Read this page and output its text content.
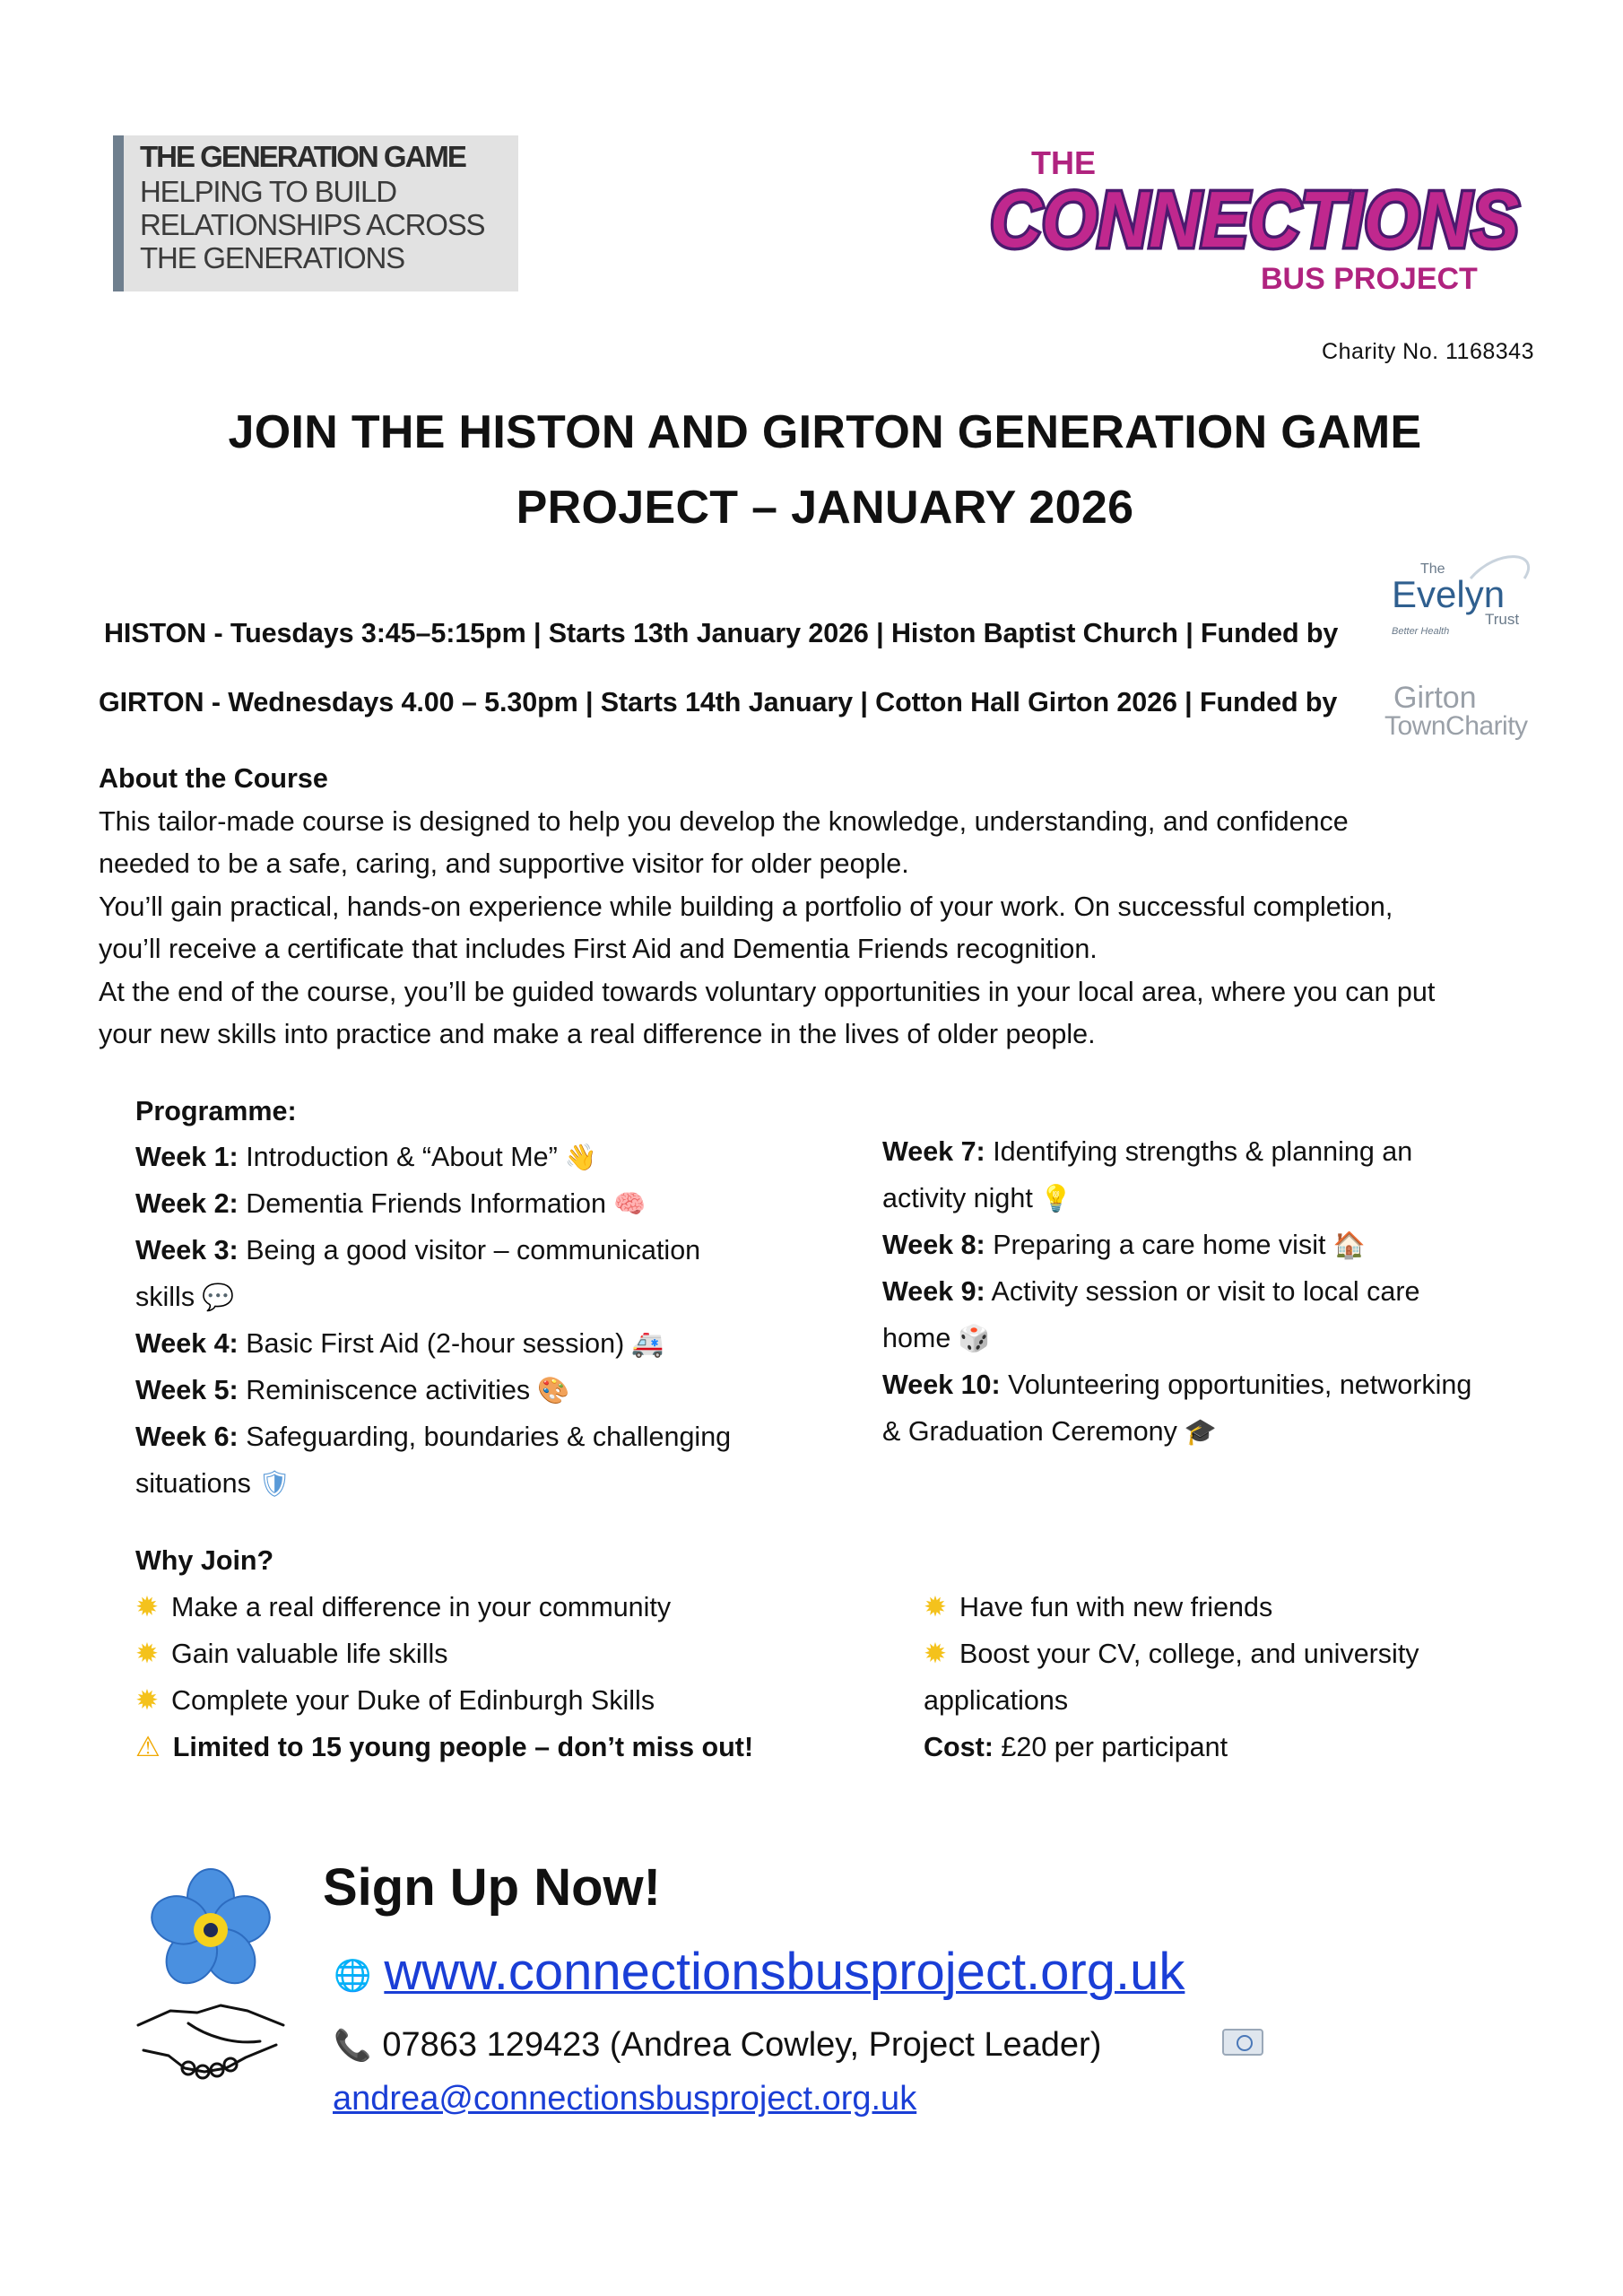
THE GENERATION GAME
HELPING TO BUILD
RELATIONSHIPS ACROSS
THE GENERATIONS
THE
CONNECTIONS
BUS PROJECT
Charity No. 1168343
JOIN THE HISTON AND GIRTON GENERATION GAME
PROJECT – JANUARY 2026
HISTON - Tuesdays 3:45–5:15pm | Starts 13th January 2026 | Histon Baptist Church | Funded by
The
Evelyn
Trust
Better Health
GIRTON - Wednesdays 4.00 – 5.30pm | Starts 14th January | Cotton Hall Girton 2026 | Funded by Girton
TownCharity
About the Course
This tailor-made course is designed to help you develop the knowledge, understanding, and confidence
needed to be a safe, caring, and supportive visitor for older people.
You’ll gain practical, hands-on experience while building a portfolio of your work. On successful completion,
you’ll receive a certificate that includes First Aid and Dementia Friends recognition.
At the end of the course, you’ll be guided towards voluntary opportunities in your local area, where you can put
your new skills into practice and make a real difference in the lives of older people.
Programme:
Week 1: Introduction & “About Me” 👋
Week 2: Dementia Friends Information 🧠
Week 3: Being a good visitor – communication
skills 💬
Week 4: Basic First Aid (2-hour session) 🚑
Week 5: Reminiscence activities 🎨
Week 6: Safeguarding, boundaries & challenging
situations 🛡
Week 7: Identifying strengths & planning an
activity night 💡
Week 8: Preparing a care home visit 🏠
Week 9: Activity session or visit to local care
home 🎲
Week 10: Volunteering opportunities, networking
& Graduation Ceremony 🎓
Why Join?
✹ Make a real difference in your community
✹ Gain valuable life skills
✹ Complete your Duke of Edinburgh Skills
⚠ Limited to 15 young people – don’t miss out!
✹ Have fun with new friends
✹ Boost your CV, college, and university
applications
Cost: £20 per participant
Sign Up Now!
🌐 www.connectionsbusproject.org.uk
📞 07863 129423 (Andrea Cowley, Project Leader)
andrea@connectionsbusproject.org.uk
